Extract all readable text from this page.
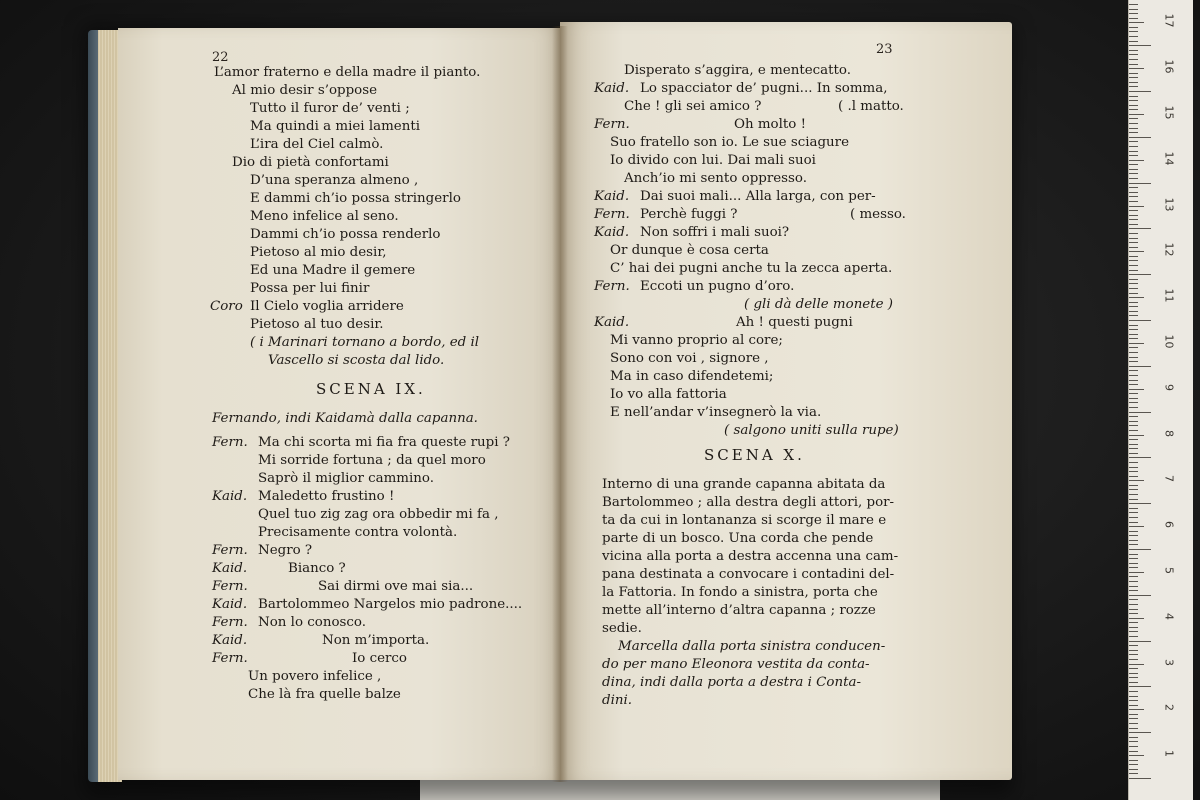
22
SCENA IX.
L’amor fraterno e della madre il pianto.
Al mio desir s’oppose
Tutto il furor de’ venti ;
Ma quindi a miei lamenti
L’ira del Ciel calmò.
Dio di pietà confortami
D’una speranza almeno ,
E dammi ch’io possa stringerlo
Meno infelice al seno.
Dammi ch’io possa renderlo
Pietoso al mio desir,
Ed una Madre il gemere
Possa per lui finir
Coro Il Cielo voglia arridere
Pietoso al tuo desir.
( i Marinari tornano a bordo, ed il
Vascello si scosta dal lido.
Fernando, indi Kaidamà dalla capanna.
Fern. Ma chi scorta mi fia fra queste rupi ?
Mi sorride fortuna ; da quel moro
Saprò il miglior cammino.
Kaid. Maledetto frustino !
Quel tuo zig zag ora obbedir mi fa ,
Precisamente contra volontà.
Fern. Negro ?
Kaid.	Bianco ?
Fern.	Sai dirmi ove mai sia...
Kaid. Bartolommeo Nargelos mio padrone....
Fern. Non lo conosco.
Kaid.	Non m’importa.
Fern.	Io cerco
Un povero infelice ,
Che là fra quelle balze
23
SCENA X.
Disperato s’aggira, e mentecatto.
Kaid. Lo spacciator de’ pugni... In somma,
Che ! gli sei amico ?	( .l matto.
Fern.	Oh molto !
Suo fratello son io. Le sue sciagure
Io divido con lui. Dai mali suoi
Anch’io mi sento oppresso.
Kaid. Dai suoi mali... Alla larga, con per-
Fern. Perchè fuggi ?	( messo.
Kaid. Non soffri i mali suoi?
Or dunque è cosa certa
C’ hai dei pugni anche tu la zecca aperta.
Fern. Eccoti un pugno d’oro.
( gli dà delle monete )
Kaid.	Ah ! questi pugni
Mi vanno proprio al core;
Sono con voi , signore ,
Ma in caso difendetemi;
Io vo alla fattoria
E nell’andar v’insegnerò la via.
( salgono uniti sulla rupe)
Interno di una grande capanna abitata da
Bartolommeo ; alla destra degli attori, por-
ta da cui in lontananza si scorge il mare e
parte di un bosco. Una corda che pende
vicina alla porta a destra accenna una cam-
pana destinata a convocare i contadini del-
la Fattoria. In fondo a sinistra, porta che
mette all’interno d’altra capanna ; rozze
sedie.
Marcella dalla porta sinistra conducen-
do per mano Eleonora vestita da conta-
dina, indi dalla porta a destra i Conta-
dini.
1
2
3
4
5
6
7
8
9
10
11
12
13
14
15
16
17
